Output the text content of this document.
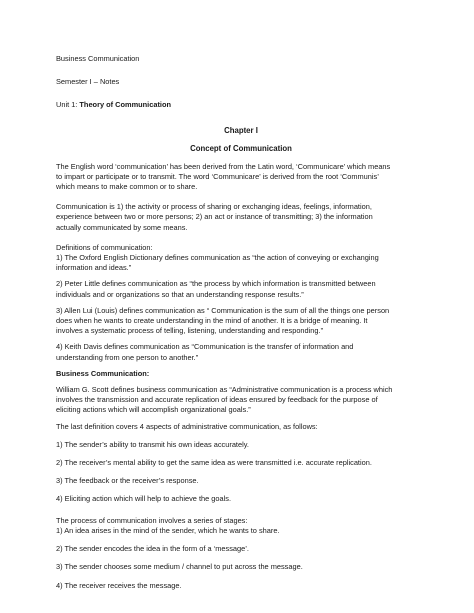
Business Communication

Semester I – Notes

Unit 1: Theory of Communication

Chapter I

Concept of Communication

The English word ‘communication’ has been derived from the Latin word, ‘Communicare’ which means

to impart or participate or to transmit. The word ‘Communicare’ is derived from the root ‘Communis’

which means to make common or to share.

Communication is 1) the activity or process of sharing or exchanging ideas, feelings, information,

experience between two or more persons; 2) an act or instance of transmitting; 3) the information

actually communicated by some means.

Definitions of communication:

1) The Oxford English Dictionary defines communication as “the action of conveying or exchanging

information and ideas.”

2) Peter Little defines communication as “the process by which information is transmitted between

individuals and or organizations so that an understanding response results.”

3) Allen Lui (Louis) defines communication as “ Communication is the sum of all the things one person

does when he wants to create understanding in the mind of another. It is a bridge of meaning. It

involves a systematic process of telling, listening, understanding and responding.”

4) Keith Davis defines communication as “Communication is the transfer of information and

understanding from one person to another.”

Business Communication:

William G. Scott defines business communication as “Administrative communication is a process which

involves the transmission and accurate replication of ideas ensured by feedback for the purpose of

eliciting actions which will accomplish organizational goals.”

The last definition covers 4 aspects of administrative communication, as follows:

1) The sender’s ability to transmit his own ideas accurately.

2) The receiver’s mental ability to get the same idea as were transmitted i.e. accurate replication.

3) The feedback or the receiver’s response.

4) Eliciting action which will help to achieve the goals.

The process of communication involves a series of stages:

1) An idea arises in the mind of the sender, which he wants to share.

2) The sender encodes the idea in the form of a ‘message’.

3) The sender chooses some medium / channel to put across the message.

4) The receiver receives the message.
